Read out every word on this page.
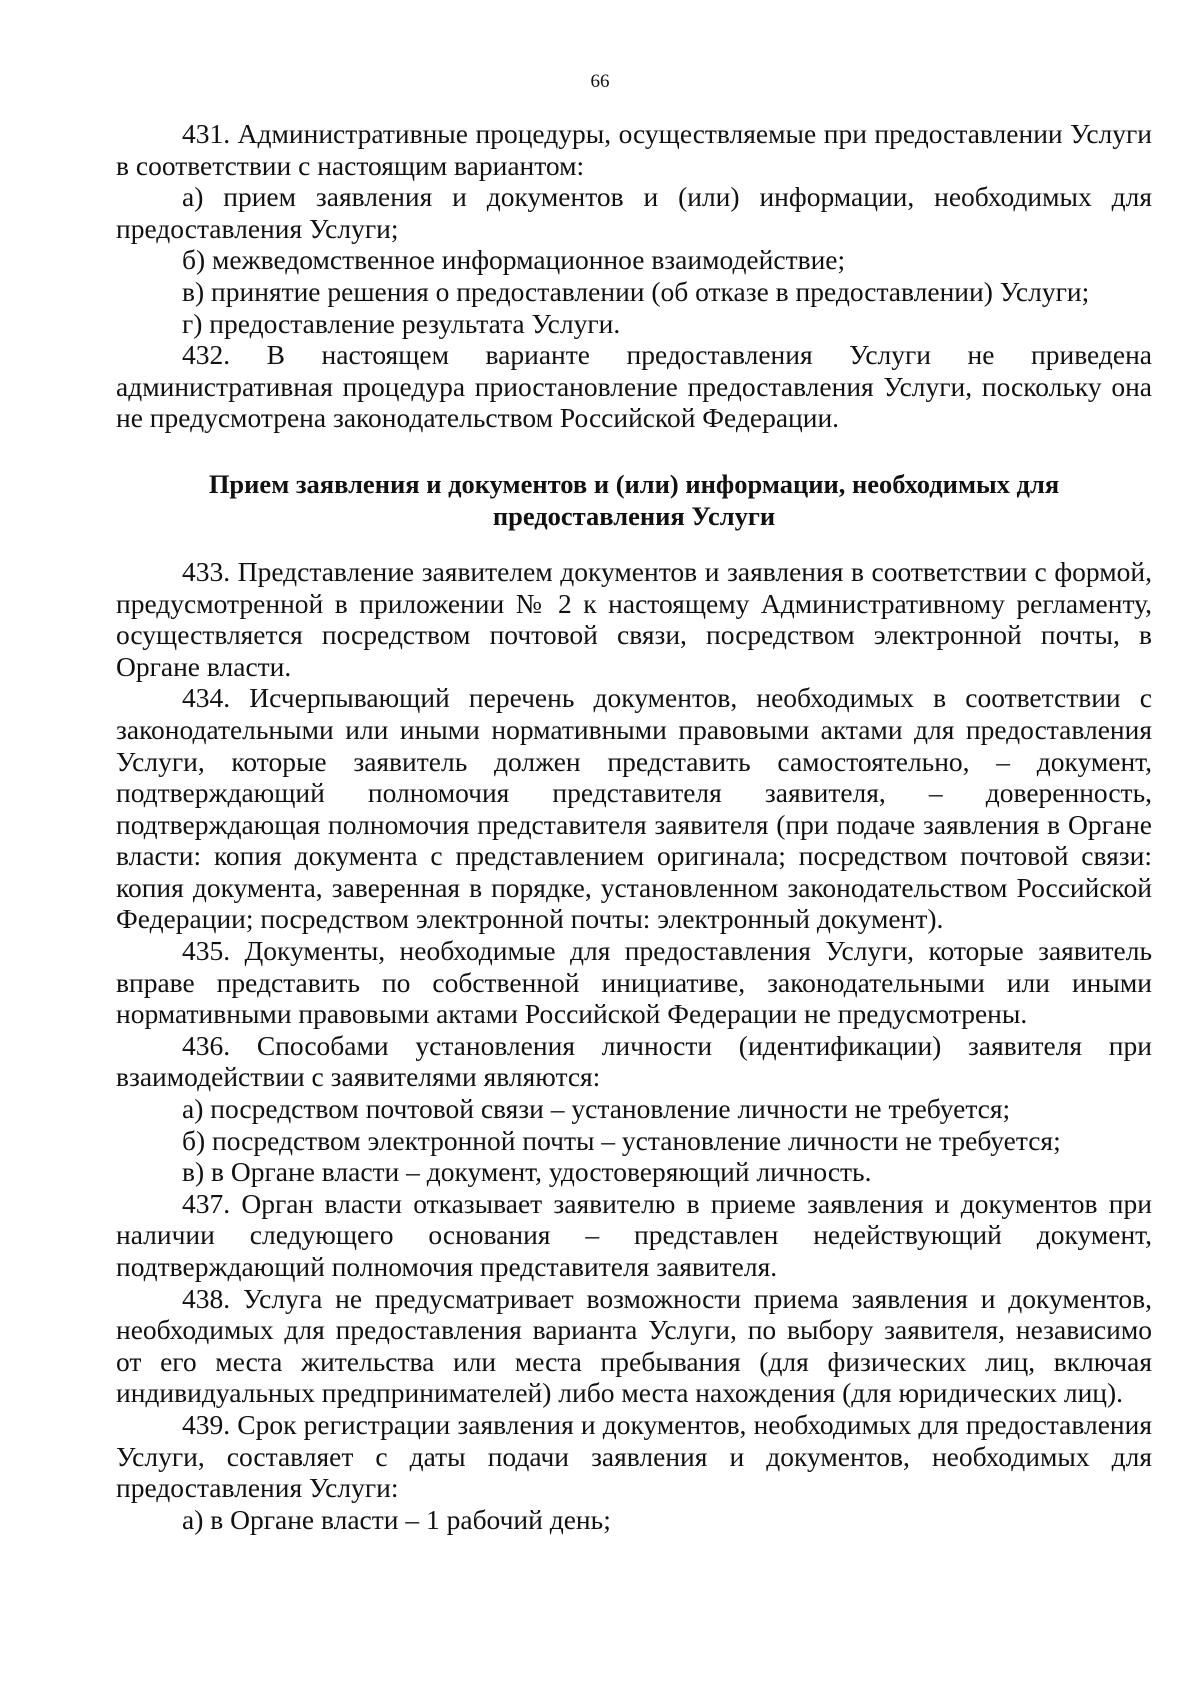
66

431. Административные процедуры, осуществляемые при предоставлении Услуги в соответствии с настоящим вариантом:

а) прием заявления и документов и (или) информации, необходимых для предоставления Услуги;

б) межведомственное информационное взаимодействие;

в) принятие решения о предоставлении (об отказе в предоставлении) Услуги;

г) предоставление результата Услуги.

432. В настоящем варианте предоставления Услуги не приведена административная процедура приостановление предоставления Услуги, поскольку она не предусмотрена законодательством Российской Федерации.

Прием заявления и документов и (или) информации, необходимых для предоставления Услуги

433. Представление заявителем документов и заявления в соответствии с формой, предусмотренной в приложении № 2 к настоящему Административному регламенту, осуществляется посредством почтовой связи, посредством электронной почты, в Органе власти.

434. Исчерпывающий перечень документов, необходимых в соответствии с законодательными или иными нормативными правовыми актами для предоставления Услуги, которые заявитель должен представить самостоятельно, – документ, подтверждающий полномочия представителя заявителя, – доверенность, подтверждающая полномочия представителя заявителя (при подаче заявления в Органе власти: копия документа с представлением оригинала; посредством почтовой связи: копия документа, заверенная в порядке, установленном законодательством Российской Федерации; посредством электронной почты: электронный документ).

435. Документы, необходимые для предоставления Услуги, которые заявитель вправе представить по собственной инициативе, законодательными или иными нормативными правовыми актами Российской Федерации не предусмотрены.

436. Способами установления личности (идентификации) заявителя при взаимодействии с заявителями являются:

а) посредством почтовой связи – установление личности не требуется;

б) посредством электронной почты – установление личности не требуется;

в) в Органе власти – документ, удостоверяющий личность.

437. Орган власти отказывает заявителю в приеме заявления и документов при наличии следующего основания – представлен недействующий документ, подтверждающий полномочия представителя заявителя.

438. Услуга не предусматривает возможности приема заявления и документов, необходимых для предоставления варианта Услуги, по выбору заявителя, независимо от его места жительства или места пребывания (для физических лиц, включая индивидуальных предпринимателей) либо места нахождения (для юридических лиц).

439. Срок регистрации заявления и документов, необходимых для предоставления Услуги, составляет с даты подачи заявления и документов, необходимых для предоставления Услуги:

а) в Органе власти – 1 рабочий день;
